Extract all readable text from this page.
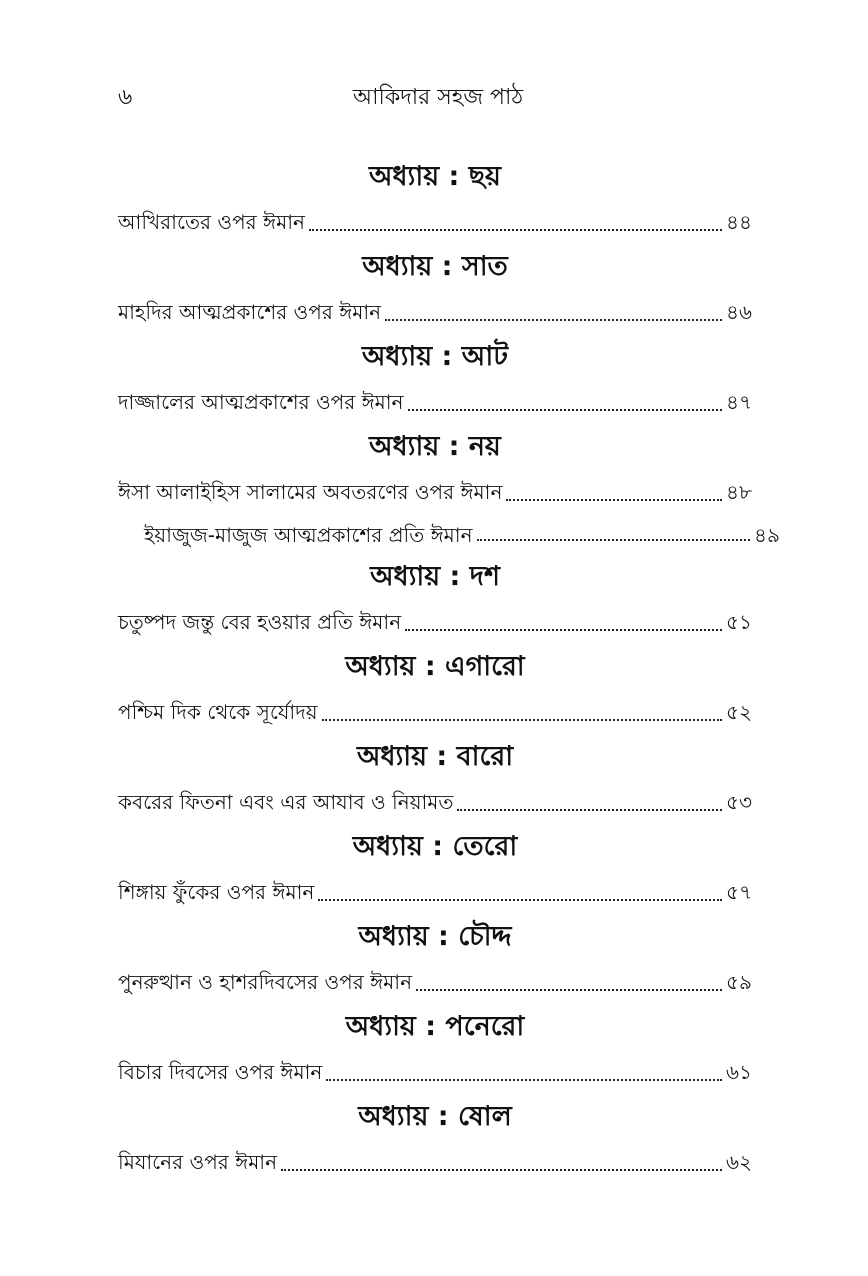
৬	আকিদার সহজ পাঠ
অধ্যায় : ছয়
আখিরাতের ওপর ঈমান	৪৪
অধ্যায় : সাত
মাহদির আত্মপ্রকাশের ওপর ঈমান	৪৬
অধ্যায় : আট
দাজ্জালের আত্মপ্রকাশের ওপর ঈমান	৪৭
অধ্যায় : নয়
ঈসা আলাইহিস সালামের অবতরণের ওপর ঈমান	৪৮
ইয়াজুজ-মাজুজ আত্মপ্রকাশের প্রতি ঈমান	৪৯
অধ্যায় : দশ
চতুষ্পদ জন্তু বের হওয়ার প্রতি ঈমান	৫১
অধ্যায় : এগারো
পশ্চিম দিক থেকে সূর্যোদয়	৫২
অধ্যায় : বারো
কবরের ফিতনা এবং এর আযাব ও নিয়ামত	৫৩
অধ্যায় : তেরো
শিঙ্গায় ফুঁকের ওপর ঈমান	৫৭
অধ্যায় : চৌদ্দ
পুনরুত্থান ও হাশরদিবসের ওপর ঈমান	৫৯
অধ্যায় : পনেরো
বিচার দিবসের ওপর ঈমান	৬১
অধ্যায় : ষোল
মিযানের ওপর ঈমান	৬২
